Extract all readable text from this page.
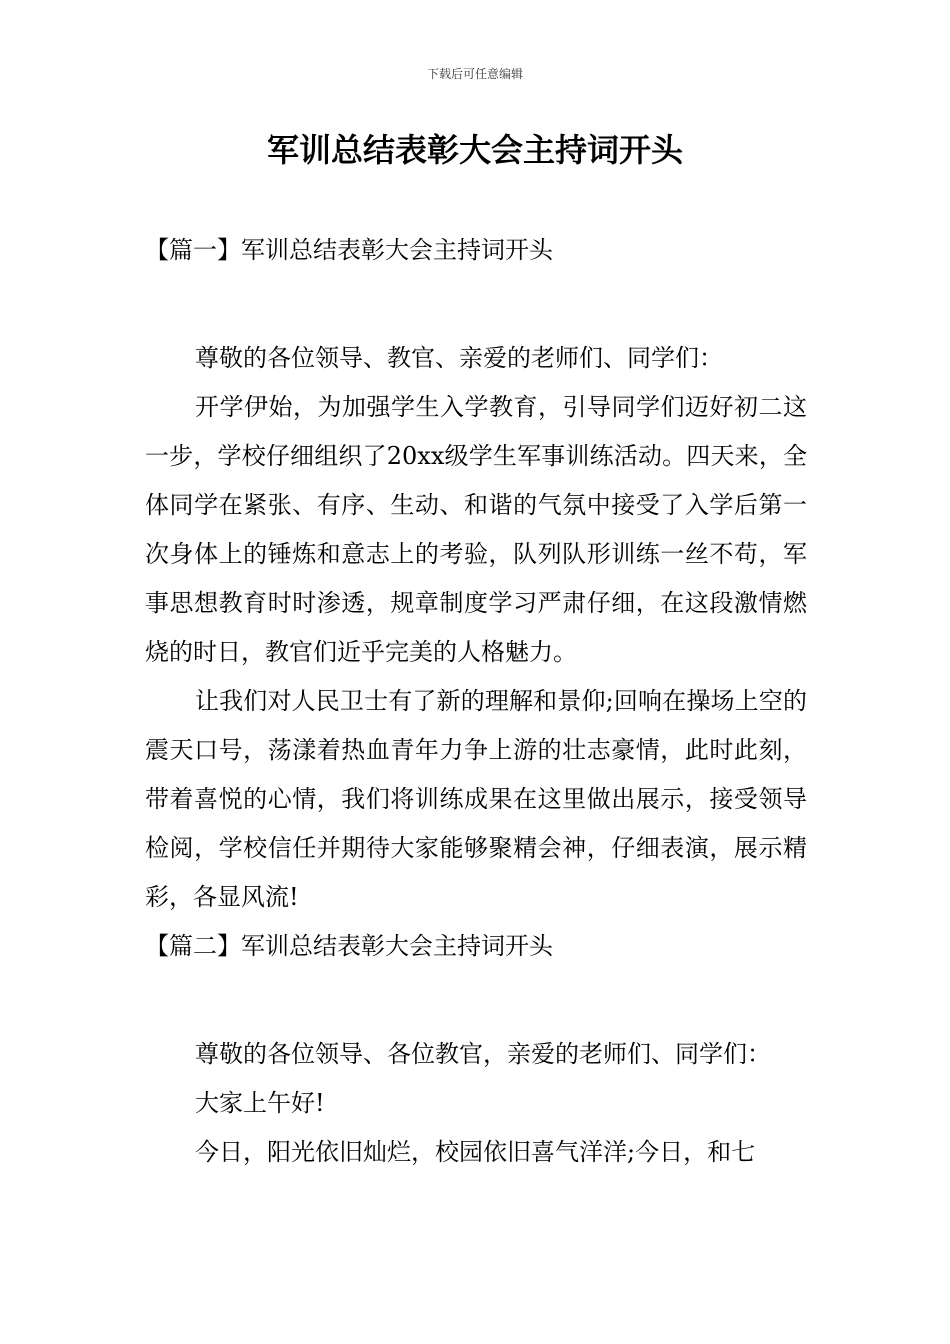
下载后可任意编辑
军训总结表彰大会主持词开头
【篇一】军训总结表彰大会主持词开头

尊敬的各位领导、教官、亲爱的老师们、同学们：

开学伊始，为加强学生入学教育，引导同学们迈好初二这一步，学校仔细组织了20xx级学生军事训练活动。四天来，全体同学在紧张、有序、生动、和谐的气氛中接受了入学后第一次身体上的锤炼和意志上的考验，队列队形训练一丝不苟，军事思想教育时时渗透，规章制度学习严肃仔细，在这段激情燃烧的时日，教官们近乎完美的人格魅力。

让我们对人民卫士有了新的理解和景仰;回响在操场上空的震天口号，荡漾着热血青年力争上游的壮志豪情，此时此刻，带着喜悦的心情，我们将训练成果在这里做出展示，接受领导检阅，学校信任并期待大家能够聚精会神，仔细表演，展示精彩，各显风流!

【篇二】军训总结表彰大会主持词开头

尊敬的各位领导、各位教官，亲爱的老师们、同学们：

大家上午好!

今日，阳光依旧灿烂，校园依旧喜气洋洋;今日，和七
